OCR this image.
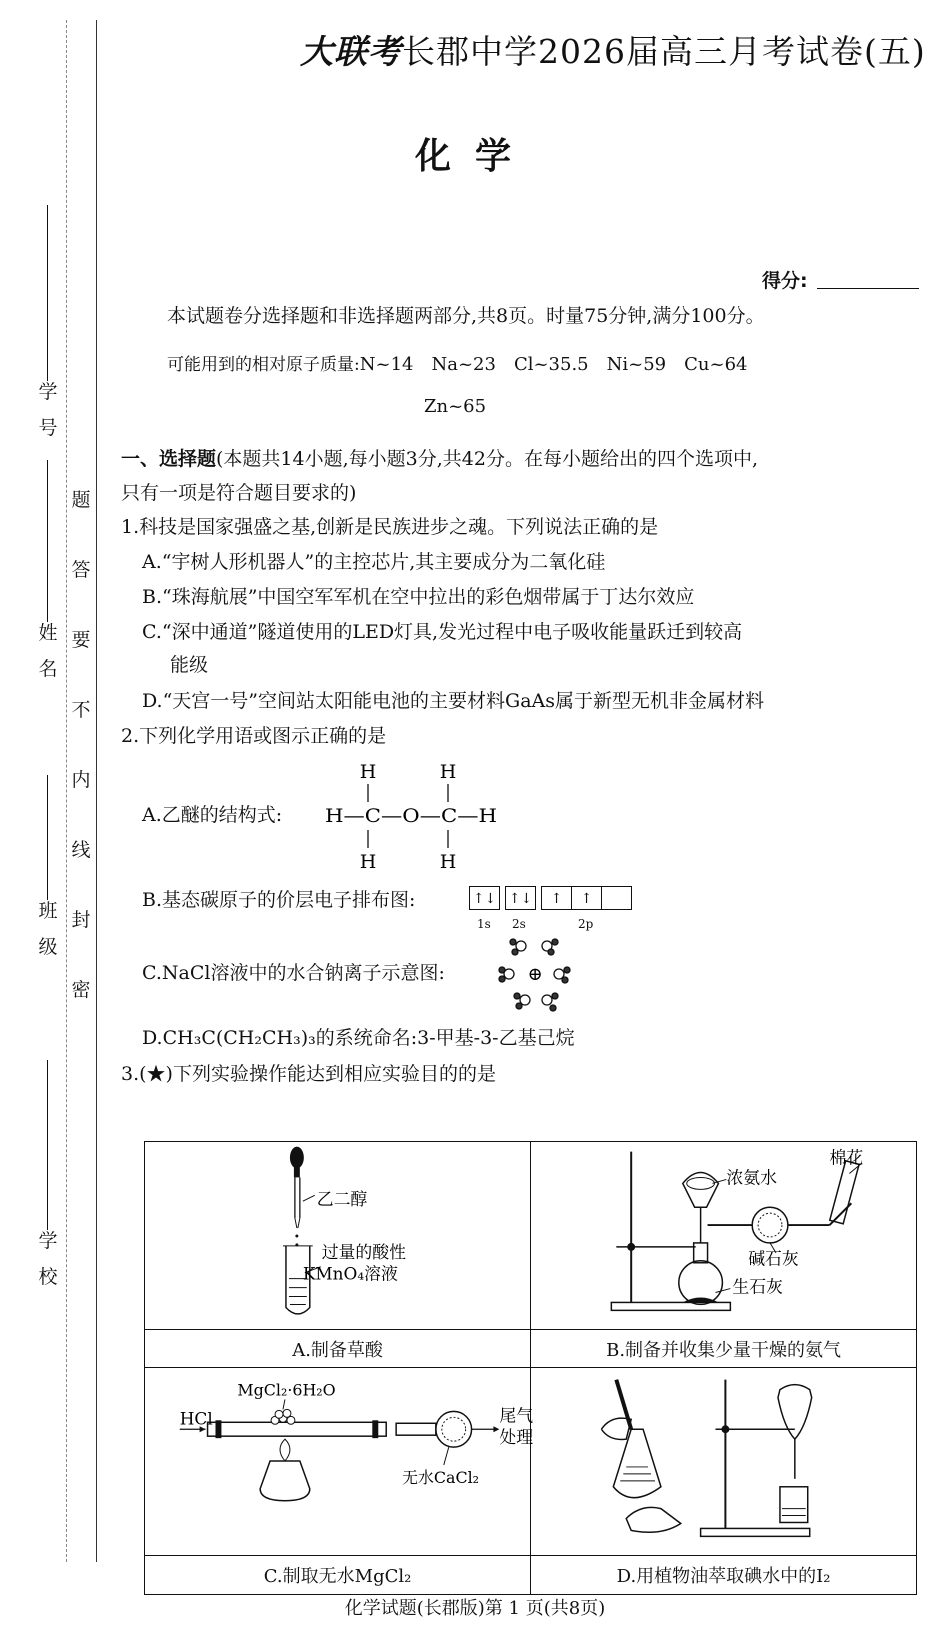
学
号
姓
名
班
级
学
校
题
答
要
不
内
线
封
密
大联考长郡中学2026届高三月考试卷(五)
化学
得分:
本试题卷分选择题和非选择题两部分,共8页。时量75分钟,满分100分。
可能用到的相对原子质量:N~14　Na~23　Cl~35.5　Ni~59　Cu~64
Zn~65
一、选择题(本题共14小题,每小题3分,共42分。在每小题给出的四个选项中,
只有一项是符合题目要求的)
1.科技是国家强盛之基,创新是民族进步之魂。下列说法正确的是
A.“宇树人形机器人”的主控芯片,其主要成分为二氧化硅
B.“珠海航展”中国空军军机在空中拉出的彩色烟带属于丁达尔效应
C.“深中通道”隧道使用的LED灯具,发光过程中电子吸收能量跃迁到较高
能级
D.“天宫一号”空间站太阳能电池的主要材料GaAs属于新型无机非金属材料
2.下列化学用语或图示正确的是
A.乙醚的结构式:
H	H
H—C—O—C—H
H	H
B.基态碳原子的价层电子排布图:	↑↓ ↑↓	↑	↑
1s 2s	2p
C.NaCl溶液中的水合钠离子示意图:	⊕
D.CH₃C(CH₂CH₃)₃的系统命名:3-甲基-3-乙基己烷
3.(★)下列实验操作能达到相应实验目的的是
乙二醇
过量的酸性
KMnO₄溶液	棉花
浓氨水
碱石灰
生石灰

A.制备草酸	B.制备并收集少量干燥的氨气

HCl
MgCl₂·6H₂O
尾气
处理
无水CaCl₂

C.制取无水MgCl₂	D.用植物油萃取碘水中的I₂
化学试题(长郡版)第 1 页(共8页)
